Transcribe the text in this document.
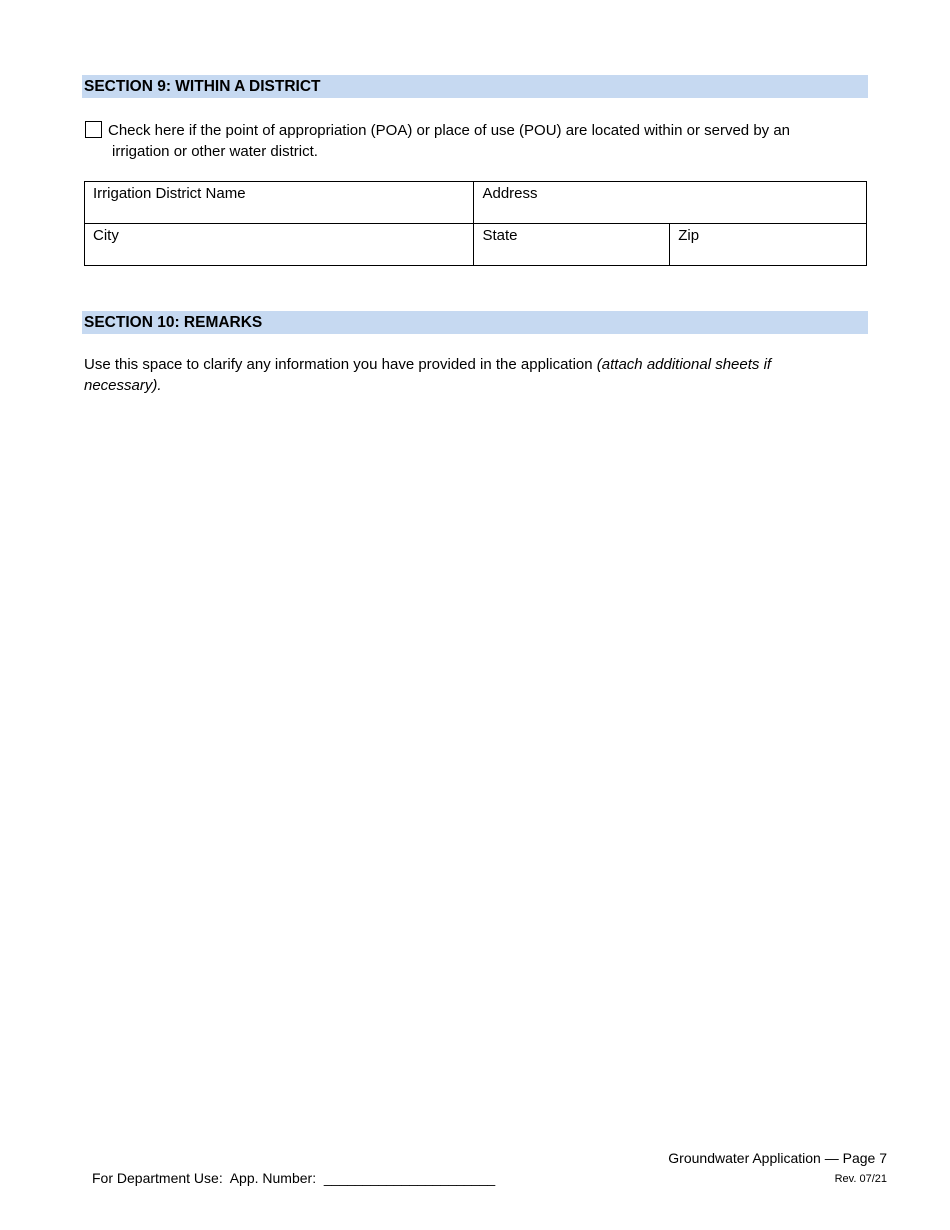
SECTION 9: WITHIN A DISTRICT
Check here if the point of appropriation (POA) or place of use (POU) are located within or served by an
irrigation or other water district.
Irrigation District Name	Address	

City	State	Zip
SECTION 10: REMARKS
Use this space to clarify any information you have provided in the application (attach additional sheets if necessary).
Groundwater Application — Page 7
Rev. 07/21
For Department Use:  App. Number:  ______________________
